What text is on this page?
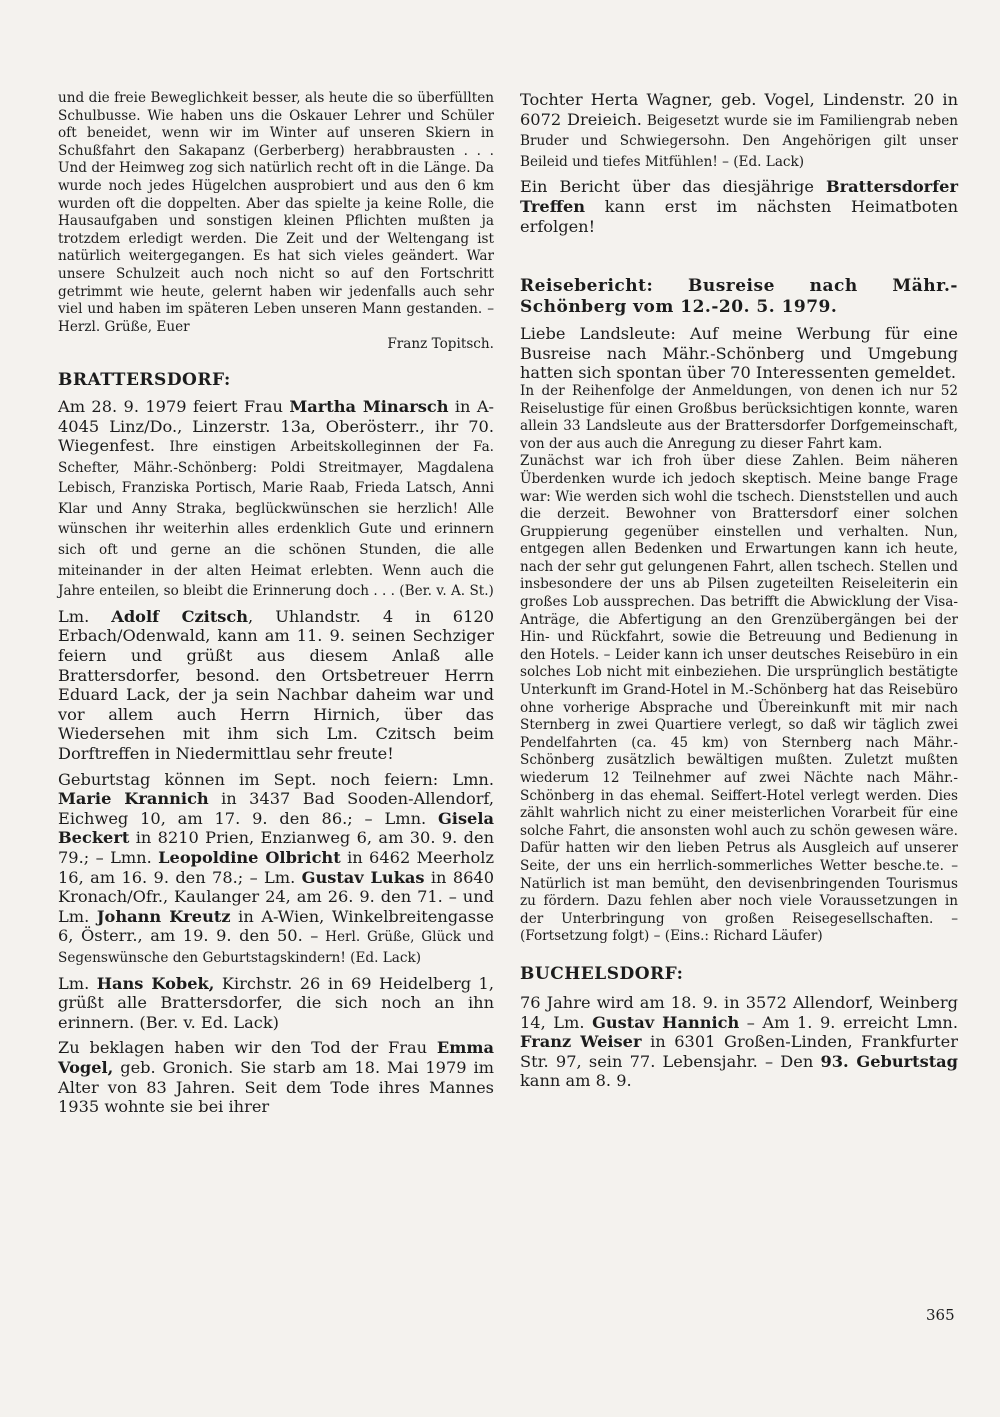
und die freie Beweglichkeit besser, als heute die so überfüllten Schulbusse. Wie haben uns die Oskauer Lehrer und Schüler oft beneidet, wenn wir im Winter auf unseren Skiern in Schußfahrt den Sakapanz (Gerberberg) herabbrausten . . . Und der Heimweg zog sich natürlich recht oft in die Länge. Da wurde noch jedes Hügelchen ausprobiert und aus den 6 km wurden oft die doppelten. Aber das spielte ja keine Rolle, die Hausaufgaben und sonstigen kleinen Pflichten mußten ja trotzdem erledigt werden. Die Zeit und der Weltengang ist natürlich weitergegangen. Es hat sich vieles geändert. War unsere Schulzeit auch noch nicht so auf den Fortschritt getrimmt wie heute, gelernt haben wir jedenfalls auch sehr viel und haben im späteren Leben unseren Mann gestanden. – Herzl. Grüße, Euer

Franz Topitsch.

BRATTERSDORF:

Am 28. 9. 1979 feiert Frau Martha Minarsch in A-4045 Linz/Do., Linzerstr. 13a, Oberösterr., ihr 70. Wiegenfest. Ihre einstigen Arbeitskolleginnen der Fa. Schefter, Mähr.-Schönberg: Poldi Streitmayer, Magdalena Lebisch, Franziska Portisch, Marie Raab, Frieda Latsch, Anni Klar und Anny Straka, beglückwünschen sie herzlich! Alle wünschen ihr weiterhin alles erdenklich Gute und erinnern sich oft und gerne an die schönen Stunden, die alle miteinander in der alten Heimat erlebten. Wenn auch die Jahre enteilen, so bleibt die Erinnerung doch . . . (Ber. v. A. St.)

Lm. Adolf Czitsch, Uhlandstr. 4 in 6120 Erbach/Odenwald, kann am 11. 9. seinen Sechziger feiern und grüßt aus diesem Anlaß alle Brattersdorfer, besond. den Ortsbetreuer Herrn Eduard Lack, der ja sein Nachbar daheim war und vor allem auch Herrn Hirnich, über das Wiedersehen mit ihm sich Lm. Czitsch beim Dorftreffen in Niedermittlau sehr freute!

Geburtstag können im Sept. noch feiern: Lmn. Marie Krannich in 3437 Bad Sooden-Allendorf, Eichweg 10, am 17. 9. den 86.; – Lmn. Gisela Beckert in 8210 Prien, Enzianweg 6, am 30. 9. den 79.; – Lmn. Leopoldine Olbricht in 6462 Meerholz 16, am 16. 9. den 78.; – Lm. Gustav Lukas in 8640 Kronach/Ofr., Kaulanger 24, am 26. 9. den 71. – und Lm. Johann Kreutz in A-Wien, Winkelbreitengasse 6, Österr., am 19. 9. den 50. – Herl. Grüße, Glück und Segenswünsche den Geburtstagskindern! (Ed. Lack)

Lm. Hans Kobek, Kirchstr. 26 in 69 Heidelberg 1, grüßt alle Brattersdorfer, die sich noch an ihn erinnern. (Ber. v. Ed. Lack)

Zu beklagen haben wir den Tod der Frau Emma Vogel, geb. Gronich. Sie starb am 18. Mai 1979 im Alter von 83 Jahren. Seit dem Tode ihres Mannes 1935 wohnte sie bei ihrer

Tochter Herta Wagner, geb. Vogel, Lindenstr. 20 in 6072 Dreieich. Beigesetzt wurde sie im Familiengrab neben Bruder und Schwiegersohn. Den Angehörigen gilt unser Beileid und tiefes Mitfühlen! – (Ed. Lack)

Ein Bericht über das diesjährige Brattersdorfer Treffen kann erst im nächsten Heimatboten erfolgen!

Reisebericht: Busreise nach Mähr.-Schönberg vom 12.-20. 5. 1979.

Liebe Landsleute: Auf meine Werbung für eine Busreise nach Mähr.-Schönberg und Umgebung hatten sich spontan über 70 Interessenten gemeldet.

In der Reihenfolge der Anmeldungen, von denen ich nur 52 Reiselustige für einen Großbus berücksichtigen konnte, waren allein 33 Landsleute aus der Brattersdorfer Dorfgemeinschaft, von der aus auch die Anregung zu dieser Fahrt kam.

Zunächst war ich froh über diese Zahlen. Beim näheren Überdenken wurde ich jedoch skeptisch. Meine bange Frage war: Wie werden sich wohl die tschech. Dienststellen und auch die derzeit. Bewohner von Brattersdorf einer solchen Gruppierung gegenüber einstellen und verhalten. Nun, entgegen allen Bedenken und Erwartungen kann ich heute, nach der sehr gut gelungenen Fahrt, allen tschech. Stellen und insbesondere der uns ab Pilsen zugeteilten Reiseleiterin ein großes Lob aussprechen. Das betrifft die Abwicklung der Visa-Anträge, die Abfertigung an den Grenzübergängen bei der Hin- und Rückfahrt, sowie die Betreuung und Bedienung in den Hotels. – Leider kann ich unser deutsches Reisebüro in ein solches Lob nicht mit einbeziehen. Die ursprünglich bestätigte Unterkunft im Grand-Hotel in M.-Schönberg hat das Reisebüro ohne vorherige Absprache und Übereinkunft mit mir nach Sternberg in zwei Quartiere verlegt, so daß wir täglich zwei Pendelfahrten (ca. 45 km) von Sternberg nach Mähr.-Schönberg zusätzlich bewältigen mußten. Zuletzt mußten wiederum 12 Teilnehmer auf zwei Nächte nach Mähr.-Schönberg in das ehemal. Seiffert-Hotel verlegt werden. Dies zählt wahrlich nicht zu einer meisterlichen Vorarbeit für eine solche Fahrt, die ansonsten wohl auch zu schön gewesen wäre. Dafür hatten wir den lieben Petrus als Ausgleich auf unserer Seite, der uns ein herrlich-sommerliches Wetter besche.te. – Natürlich ist man bemüht, den devisenbringenden Tourismus zu fördern. Dazu fehlen aber noch viele Voraussetzungen in der Unterbringung von großen Reisegesellschaften. – (Fortsetzung folgt) – (Eins.: Richard Läufer)

BUCHELSDORF:

76 Jahre wird am 18. 9. in 3572 Allendorf, Weinberg 14, Lm. Gustav Hannich – Am 1. 9. erreicht Lmn. Franz Weiser in 6301 Großen-Linden, Frankfurter Str. 97, sein 77. Lebensjahr. – Den 93. Geburtstag kann am 8. 9.

365
